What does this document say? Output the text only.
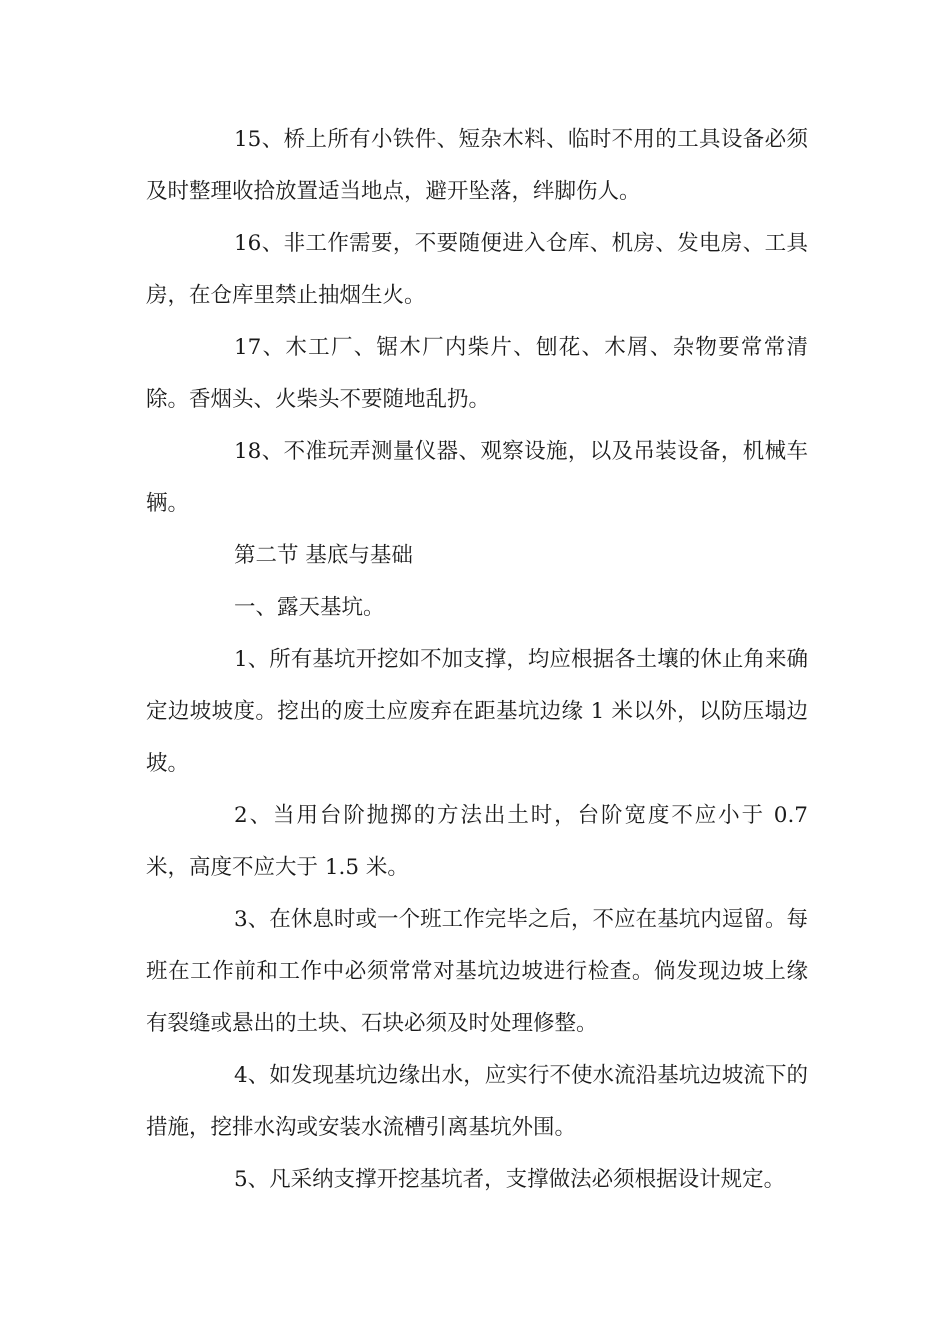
15、桥上所有小铁件、短杂木料、临时不用的工具设备必须及时整理收拾放置适当地点，避开坠落，绊脚伤人。

16、非工作需要，不要随便进入仓库、机房、发电房、工具房，在仓库里禁止抽烟生火。

17、木工厂、锯木厂内柴片、刨花、木屑、杂物要常常清除。香烟头、火柴头不要随地乱扔。

18、不准玩弄测量仪器、观察设施，以及吊装设备，机械车辆。

第二节 基底与基础

一、露天基坑。

1、所有基坑开挖如不加支撑，均应根据各土壤的休止角来确定边坡坡度。挖出的废土应废弃在距基坑边缘 1 米以外，以防压塌边坡。

2、当用台阶抛掷的方法出土时，台阶宽度不应小于 0.7 米，高度不应大于 1.5 米。

3、在休息时或一个班工作完毕之后，不应在基坑内逗留。每班在工作前和工作中必须常常对基坑边坡进行检查。倘发现边坡上缘有裂缝或悬出的土块、石块必须及时处理修整。

4、如发现基坑边缘出水，应实行不使水流沿基坑边坡流下的措施，挖排水沟或安装水流槽引离基坑外围。

5、凡采纳支撑开挖基坑者，支撑做法必须根据设计规定。
